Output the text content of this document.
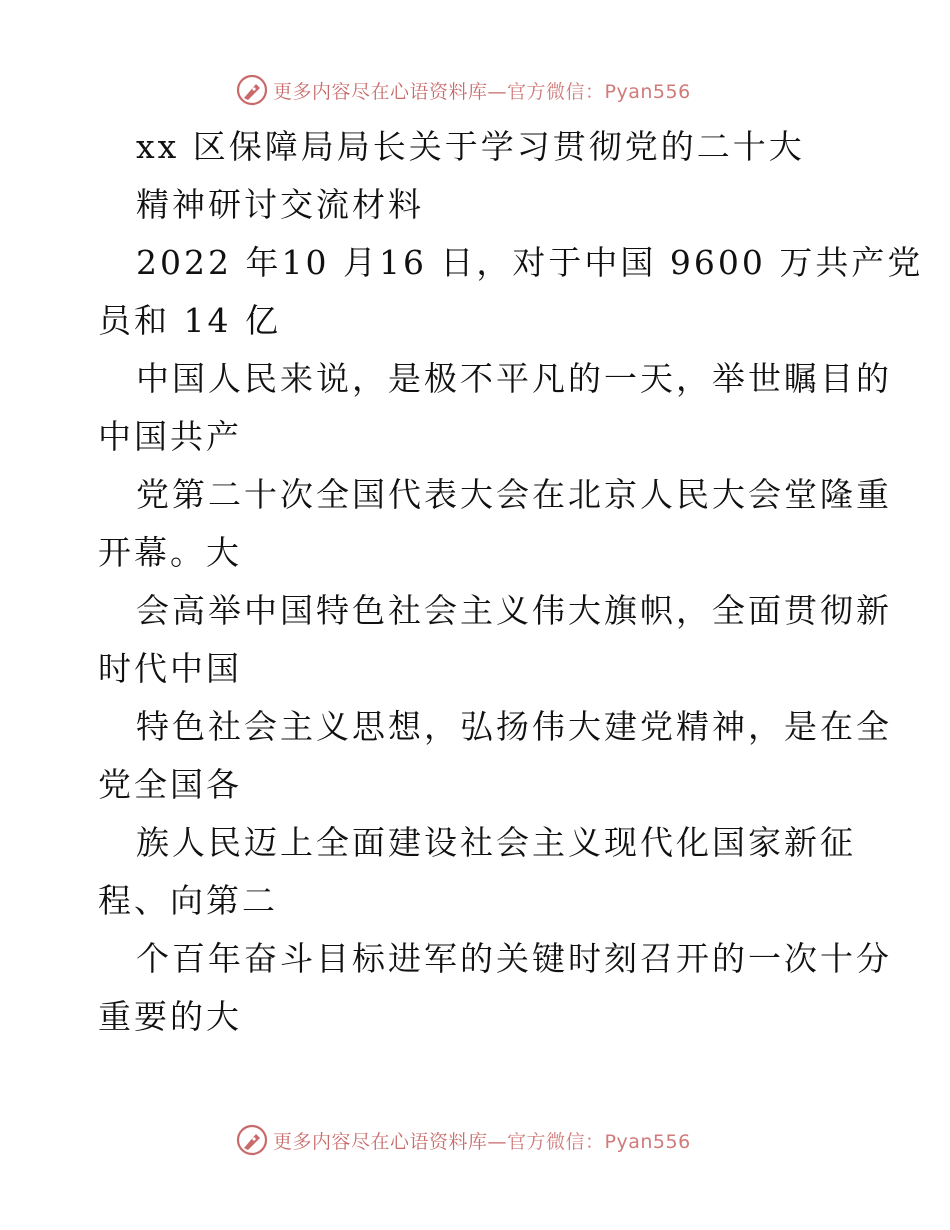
更多内容尽在心语资料库—官方微信：Pyan556
xx 区保障局局长关于学习贯彻党的二十大
精神研讨交流材料
2022 年10 月16 日，对于中国 9600 万共产党
员和 14 亿
中国人民来说，是极不平凡的一天，举世瞩目的
中国共产
党第二十次全国代表大会在北京人民大会堂隆重
开幕。大
会高举中国特色社会主义伟大旗帜，全面贯彻新
时代中国
特色社会主义思想，弘扬伟大建党精神，是在全
党全国各
族人民迈上全面建设社会主义现代化国家新征
程、向第二
个百年奋斗目标进军的关键时刻召开的一次十分
重要的大
更多内容尽在心语资料库—官方微信：Pyan556
